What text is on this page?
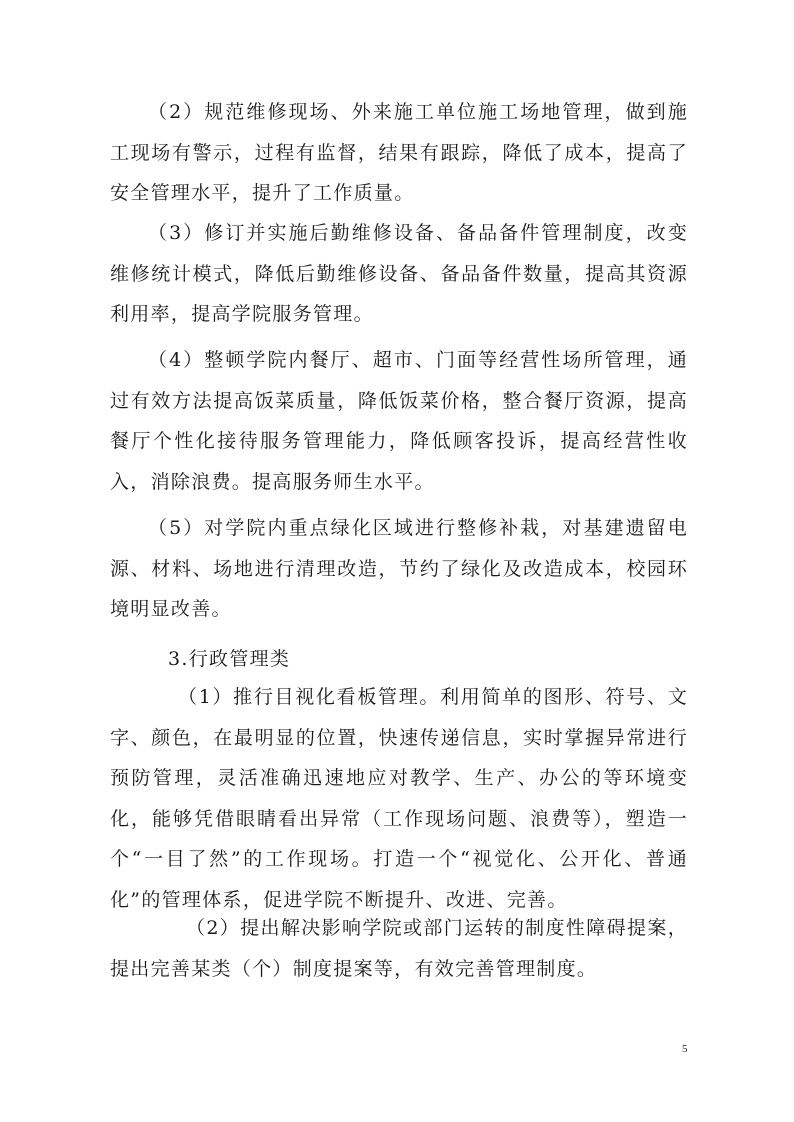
（2）规范维修现场、外来施工单位施工场地管理，做到施工现场有警示，过程有监督，结果有跟踪，降低了成本，提高了安全管理水平，提升了工作质量。

（3）修订并实施后勤维修设备、备品备件管理制度，改变维修统计模式，降低后勤维修设备、备品备件数量，提高其资源利用率，提高学院服务管理。

（4）整顿学院内餐厅、超市、门面等经营性场所管理，通过有效方法提高饭菜质量，降低饭菜价格，整合餐厅资源，提高餐厅个性化接待服务管理能力，降低顾客投诉，提高经营性收入，消除浪费。提高服务师生水平。

（5）对学院内重点绿化区域进行整修补栽，对基建遗留电源、材料、场地进行清理改造，节约了绿化及改造成本，校园环境明显改善。

3.行政管理类

（1）推行目视化看板管理。利用简单的图形、符号、文字、颜色，在最明显的位置，快速传递信息，实时掌握异常进行预防管理，灵活准确迅速地应对教学、生产、办公的等环境变化，能够凭借眼睛看出异常（工作现场问题、浪费等），塑造一个“一目了然”的工作现场。打造一个“视觉化、公开化、普通化”的管理体系，促进学院不断提升、改进、完善。

（2）提出解决影响学院或部门运转的制度性障碍提案，提出完善某类（个）制度提案等，有效完善管理制度。

5
